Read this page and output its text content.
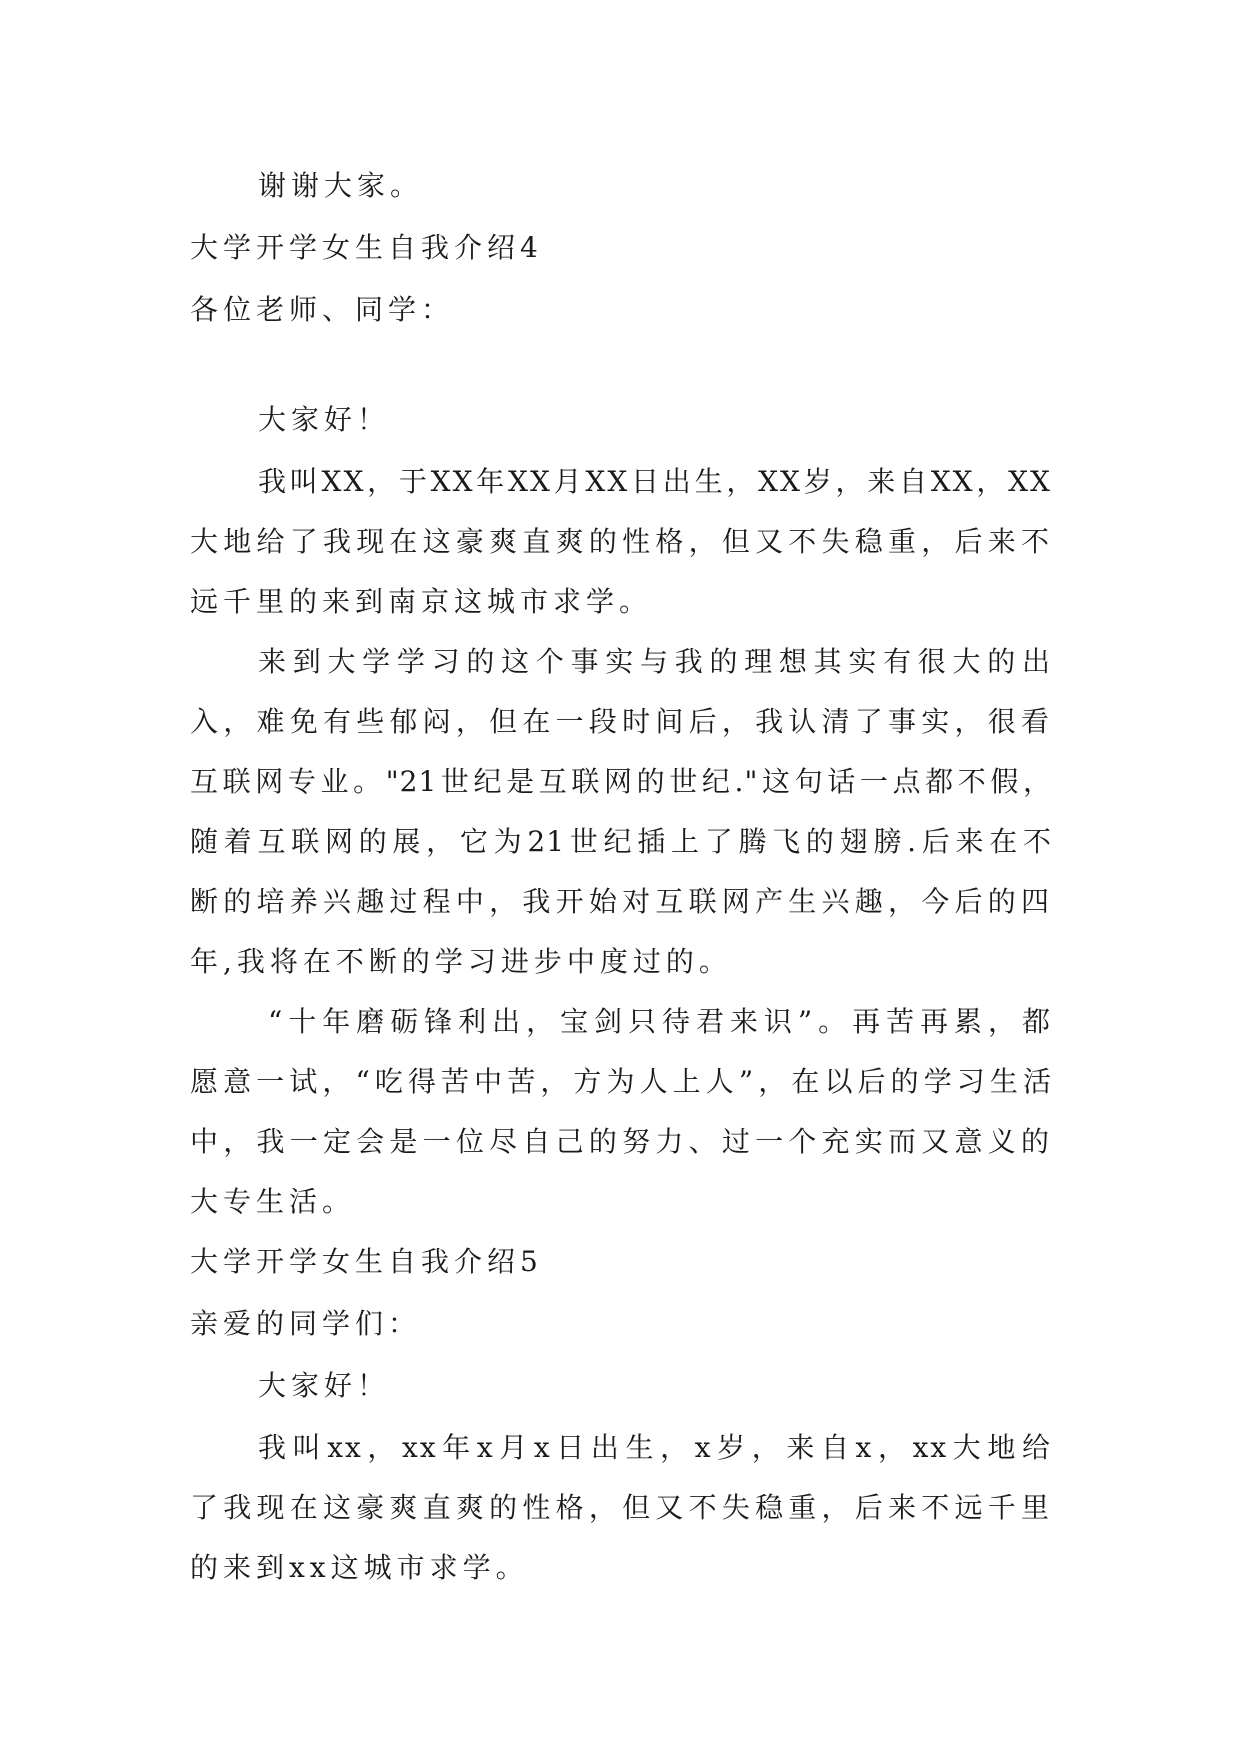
谢谢大家。

大学开学女生自我介绍4

各位老师、同学：

大家好！

我叫XX，于XX年XX月XX日出生，XX岁，来自XX，XX

大地给了我现在这豪爽直爽的性格，但又不失稳重，后来不

远千里的来到南京这城市求学。

来到大学学习的这个事实与我的理想其实有很大的出

入，难免有些郁闷，但在一段时间后，我认清了事实，很看

互联网专业。"21世纪是互联网的世纪."这句话一点都不假，

随着互联网的展，它为21世纪插上了腾飞的翅膀.后来在不

断的培养兴趣过程中，我开始对互联网产生兴趣，今后的四

年,我将在不断的学习进步中度过的。

“十年磨砺锋利出，宝剑只待君来识”。再苦再累，都

愿意一试，“吃得苦中苦，方为人上人”，在以后的学习生活

中，我一定会是一位尽自己的努力、过一个充实而又意义的

大专生活。

大学开学女生自我介绍5

亲爱的同学们：

大家好！

我叫xx，xx年x月x日出生，x岁，来自x，xx大地给

了我现在这豪爽直爽的性格，但又不失稳重，后来不远千里

的来到xx这城市求学。
